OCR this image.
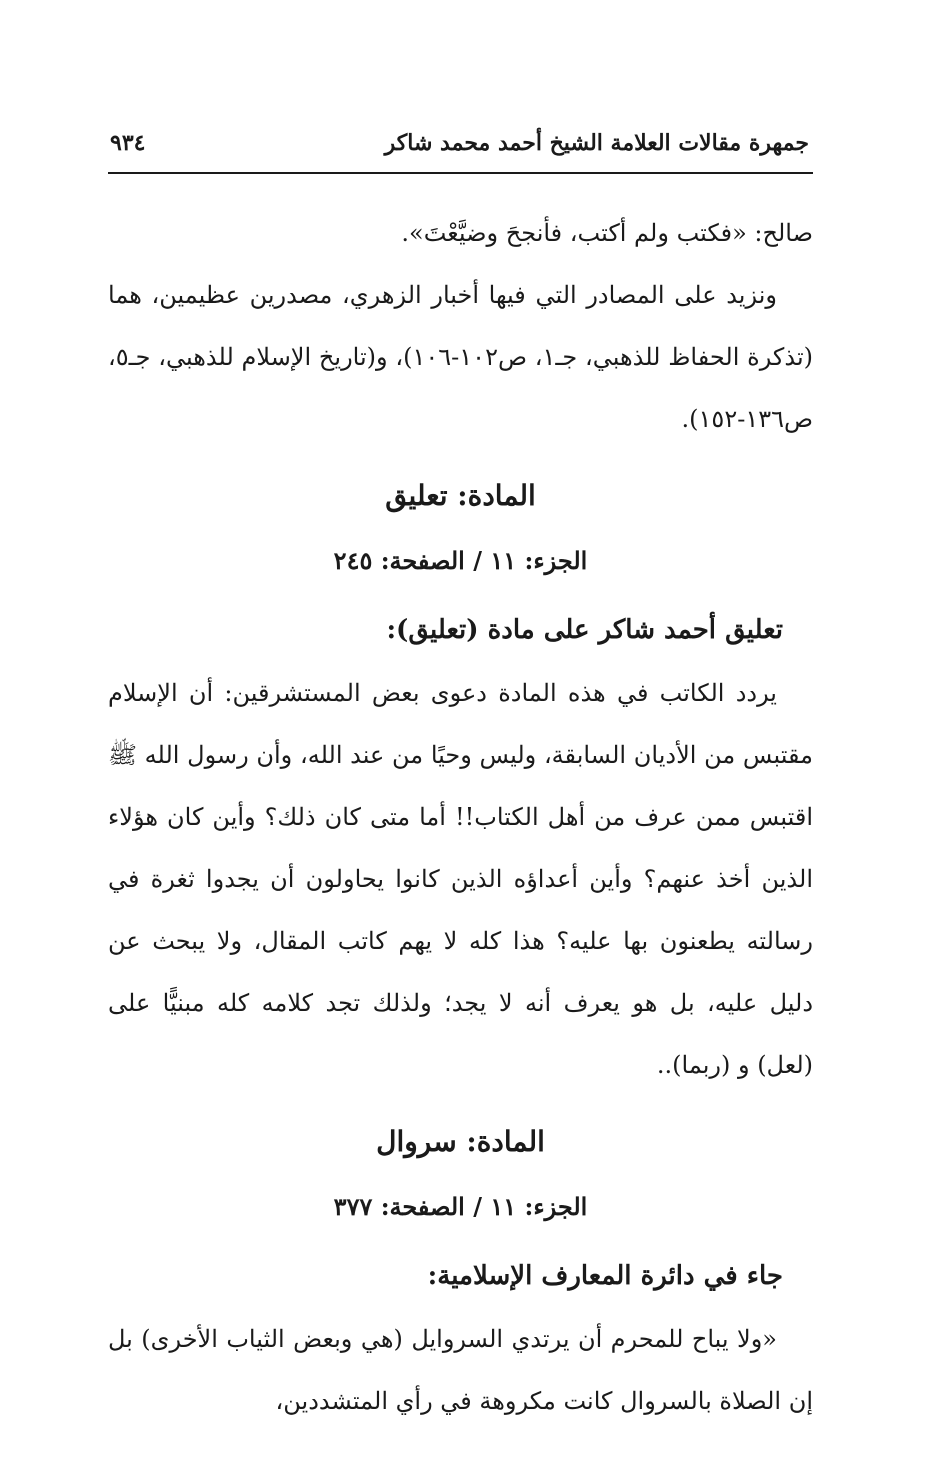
جمهرة مقالات العلامة الشيخ أحمد محمد شاكر
٩٣٤

صالح: «فكتب ولم أكتب، فأنجحَ وضيَّعْتَ».

ونزيد على المصادر التي فيها أخبار الزهري، مصدرين عظيمين، هما (تذكرة الحفاظ للذهبي، جـ١، ص١٠٢-١٠٦)، و(تاريخ الإسلام للذهبي، جـ٥، ص١٣٦-١٥٢).

المادة: تعليق
الجزء: ١١ / الصفحة: ٢٤٥
تعليق أحمد شاكر على مادة (تعليق):

يردد الكاتب في هذه المادة دعوى بعض المستشرقين: أن الإسلام مقتبس من الأديان السابقة، وليس وحيًا من عند الله، وأن رسول الله ﷺ اقتبس ممن عرف من أهل الكتاب!! أما متى كان ذلك؟ وأين كان هؤلاء الذين أخذ عنهم؟ وأين أعداؤه الذين كانوا يحاولون أن يجدوا ثغرة في رسالته يطعنون بها عليه؟ هذا كله لا يهم كاتب المقال، ولا يبحث عن دليل عليه، بل هو يعرف أنه لا يجد؛ ولذلك تجد كلامه كله مبنيًّا على (لعل) و (ربما)..

المادة: سروال
الجزء: ١١ / الصفحة: ٣٧٧
جاء في دائرة المعارف الإسلامية:

«ولا يباح للمحرم أن يرتدي السروايل (هي وبعض الثياب الأخرى) بل إن الصلاة بالسروال كانت مكروهة في رأي المتشددين،
